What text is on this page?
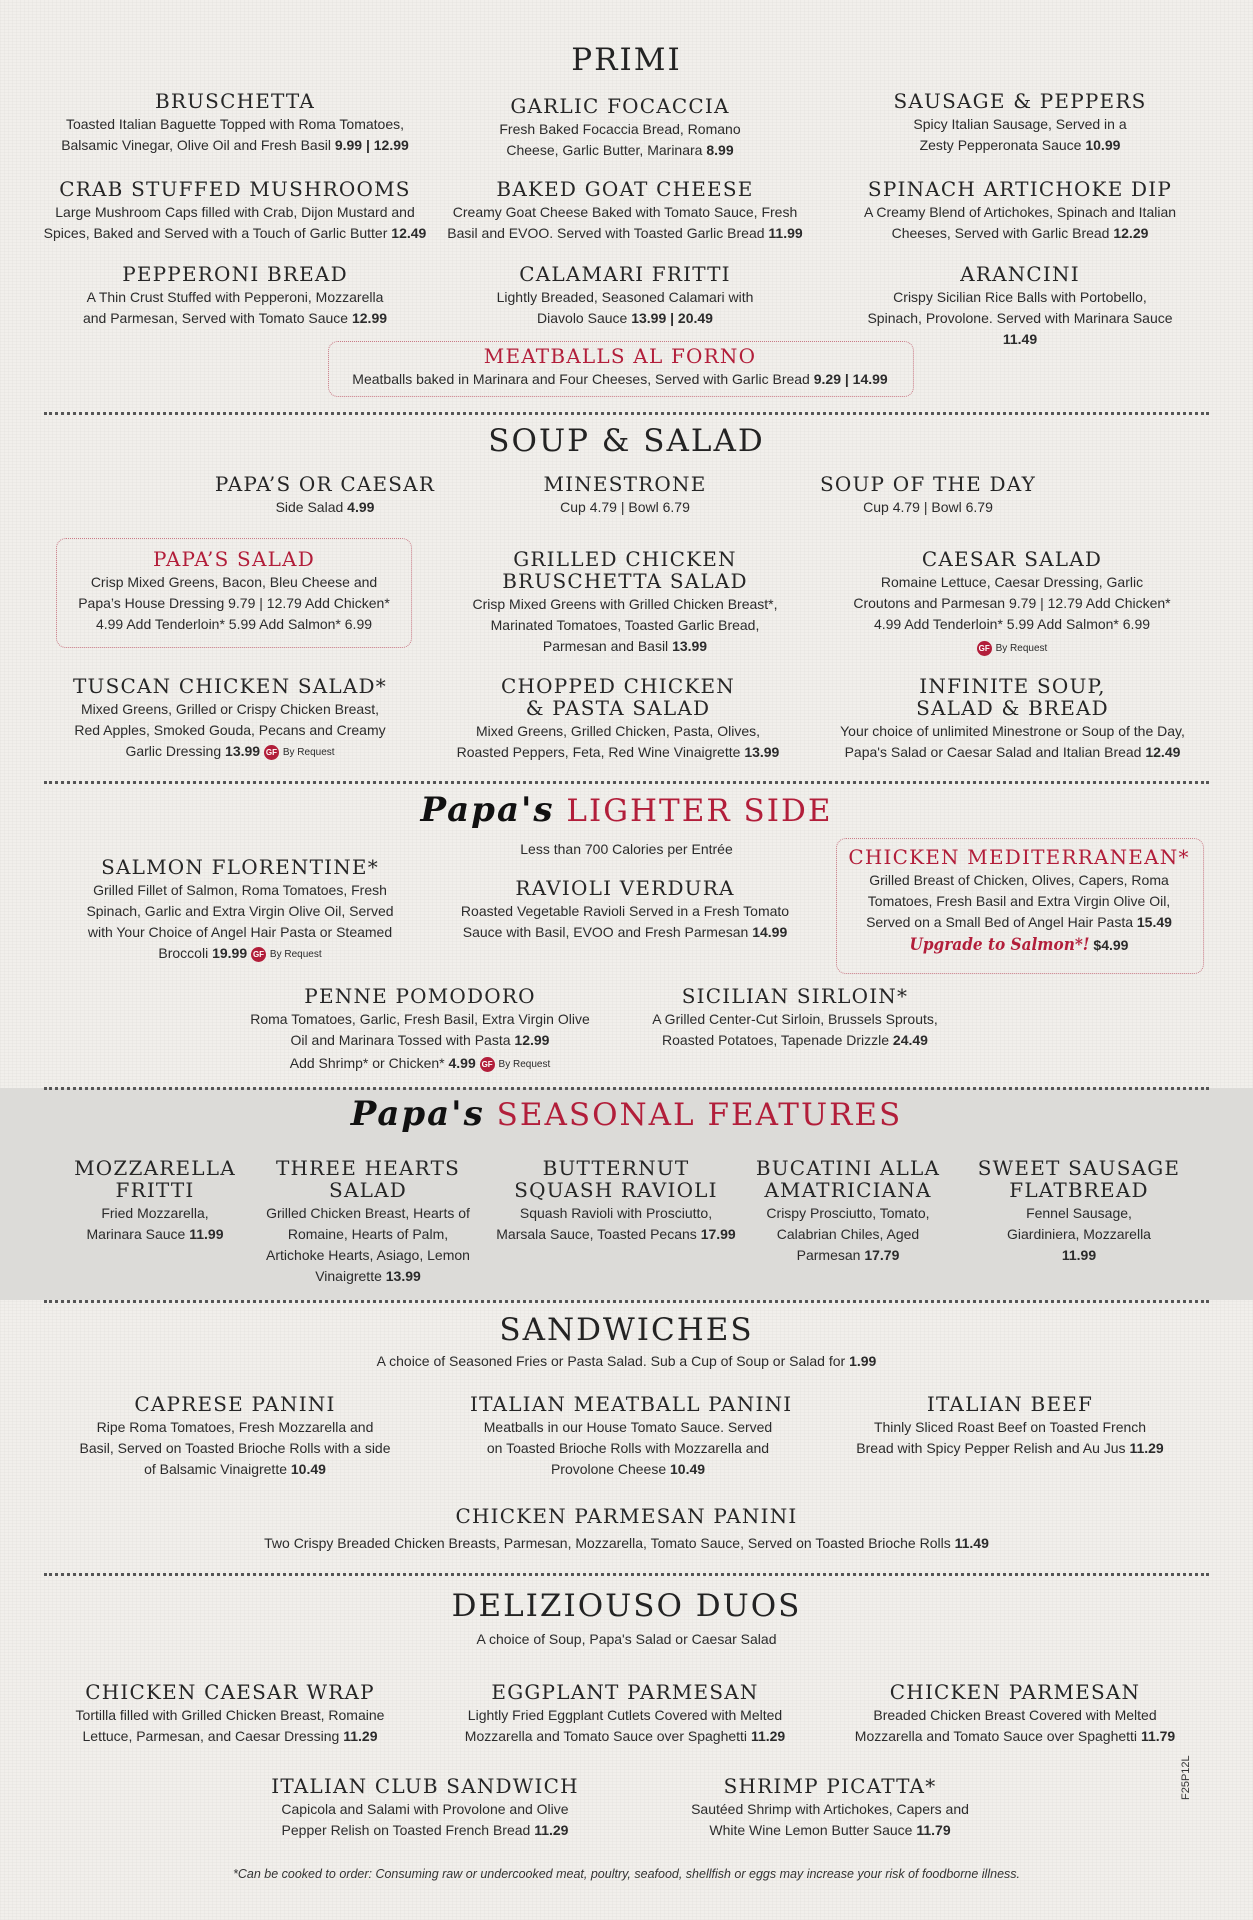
PRIMI
BRUSCHETTA
Toasted Italian Baguette Topped with Roma Tomatoes, Balsamic Vinegar, Olive Oil and Fresh Basil 9.99 | 12.99
GARLIC FOCACCIA
Fresh Baked Focaccia Bread, Romano Cheese, Garlic Butter, Marinara 8.99
SAUSAGE & PEPPERS
Spicy Italian Sausage, Served in a Zesty Pepperonata Sauce 10.99
CRAB STUFFED MUSHROOMS
Large Mushroom Caps filled with Crab, Dijon Mustard and Spices, Baked and Served with a Touch of Garlic Butter 12.49
BAKED GOAT CHEESE
Creamy Goat Cheese Baked with Tomato Sauce, Fresh Basil and EVOO. Served with Toasted Garlic Bread 11.99
SPINACH ARTICHOKE DIP
A Creamy Blend of Artichokes, Spinach and Italian Cheeses, Served with Garlic Bread 12.29
PEPPERONI BREAD
A Thin Crust Stuffed with Pepperoni, Mozzarella and Parmesan, Served with Tomato Sauce 12.99
CALAMARI FRITTI
Lightly Breaded, Seasoned Calamari with Diavolo Sauce 13.99 | 20.49
ARANCINI
Crispy Sicilian Rice Balls with Portobello, Spinach, Provolone. Served with Marinara Sauce 11.49
MEATBALLS AL FORNO
Meatballs baked in Marinara and Four Cheeses, Served with Garlic Bread 9.29 | 14.99
SOUP & SALAD
PAPA’S OR CAESAR
Side Salad 4.99
MINESTRONE
Cup 4.79 | Bowl 6.79
SOUP OF THE DAY
Cup 4.79 | Bowl 6.79
PAPA’S SALAD
Crisp Mixed Greens, Bacon, Bleu Cheese and Papa’s House Dressing 9.79 | 12.79 Add Chicken* 4.99 Add Tenderloin* 5.99 Add Salmon* 6.99
GRILLED CHICKEN BRUSCHETTA SALAD
Crisp Mixed Greens with Grilled Chicken Breast*, Marinated Tomatoes, Toasted Garlic Bread, Parmesan and Basil 13.99
CAESAR SALAD
Romaine Lettuce, Caesar Dressing, Garlic Croutons and Parmesan 9.79 | 12.79 Add Chicken* 4.99 Add Tenderloin* 5.99 Add Salmon* 6.99
GF By Request
TUSCAN CHICKEN SALAD*
Mixed Greens, Grilled or Crispy Chicken Breast, Red Apples, Smoked Gouda, Pecans and Creamy Garlic Dressing 13.99 GF By Request
CHOPPED CHICKEN & PASTA SALAD
Mixed Greens, Grilled Chicken, Pasta, Olives, Roasted Peppers, Feta, Red Wine Vinaigrette 13.99
INFINITE SOUP, SALAD & BREAD
Your choice of unlimited Minestrone or Soup of the Day, Papa's Salad or Caesar Salad and Italian Bread 12.49
Papa's LIGHTER SIDE
Less than 700 Calories per Entrée
SALMON FLORENTINE*
Grilled Fillet of Salmon, Roma Tomatoes, Fresh Spinach, Garlic and Extra Virgin Olive Oil, Served with Your Choice of Angel Hair Pasta or Steamed Broccoli 19.99 GF By Request
RAVIOLI VERDURA
Roasted Vegetable Ravioli Served in a Fresh Tomato Sauce with Basil, EVOO and Fresh Parmesan 14.99
CHICKEN MEDITERRANEAN*
Grilled Breast of Chicken, Olives, Capers, Roma Tomatoes, Fresh Basil and Extra Virgin Olive Oil, Served on a Small Bed of Angel Hair Pasta 15.49
Upgrade to Salmon*! $4.99
PENNE POMODORO
Roma Tomatoes, Garlic, Fresh Basil, Extra Virgin Olive Oil and Marinara Tossed with Pasta 12.99
Add Shrimp* or Chicken* 4.99 GF By Request
SICILIAN SIRLOIN*
A Grilled Center-Cut Sirloin, Brussels Sprouts, Roasted Potatoes, Tapenade Drizzle 24.49
Papa's SEASONAL FEATURES
MOZZARELLA
FRITTI
Fried Mozzarella, Marinara Sauce 11.99
THREE HEARTS
SALAD
Grilled Chicken Breast, Hearts of Romaine, Hearts of Palm, Artichoke Hearts, Asiago, Lemon Vinaigrette 13.99
BUTTERNUT
SQUASH RAVIOLI
Squash Ravioli with Prosciutto, Marsala Sauce, Toasted Pecans 17.99
BUCATINI ALLA
AMATRICIANA
Crispy Prosciutto, Tomato, Calabrian Chiles, Aged Parmesan 17.79
SWEET SAUSAGE
FLATBREAD
Fennel Sausage, Giardiniera, Mozzarella 11.99
SANDWICHES
A choice of Seasoned Fries or Pasta Salad. Sub a Cup of Soup or Salad for 1.99
CAPRESE PANINI
Ripe Roma Tomatoes, Fresh Mozzarella and Basil, Served on Toasted Brioche Rolls with a side of Balsamic Vinaigrette 10.49
ITALIAN MEATBALL PANINI
Meatballs in our House Tomato Sauce. Served on Toasted Brioche Rolls with Mozzarella and Provolone Cheese 10.49
ITALIAN BEEF
Thinly Sliced Roast Beef on Toasted French Bread with Spicy Pepper Relish and Au Jus 11.29
CHICKEN PARMESAN PANINI
Two Crispy Breaded Chicken Breasts, Parmesan, Mozzarella, Tomato Sauce, Served on Toasted Brioche Rolls 11.49
DELIZIOUSO DUOS
A choice of Soup, Papa's Salad or Caesar Salad
CHICKEN CAESAR WRAP
Tortilla filled with Grilled Chicken Breast, Romaine Lettuce, Parmesan, and Caesar Dressing 11.29
EGGPLANT PARMESAN
Lightly Fried Eggplant Cutlets Covered with Melted Mozzarella and Tomato Sauce over Spaghetti 11.29
CHICKEN PARMESAN
Breaded Chicken Breast Covered with Melted Mozzarella and Tomato Sauce over Spaghetti 11.79
ITALIAN CLUB SANDWICH
Capicola and Salami with Provolone and Olive Pepper Relish on Toasted French Bread 11.29
SHRIMP PICATTA*
Sautéed Shrimp with Artichokes, Capers and White Wine Lemon Butter Sauce 11.79
*Can be cooked to order: Consuming raw or undercooked meat, poultry, seafood, shellfish or eggs may increase your risk of foodborne illness.
F25P12L
